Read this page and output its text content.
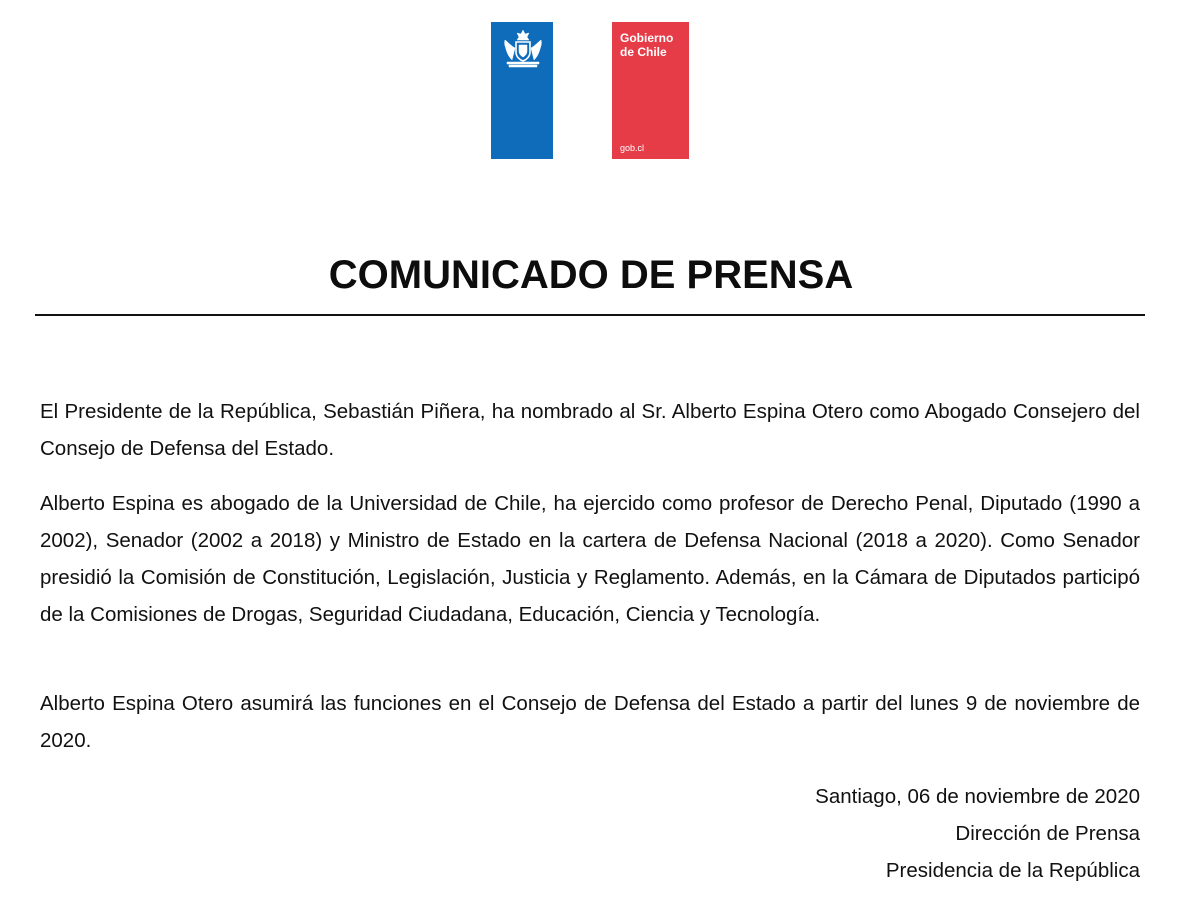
Gobierno
de Chile
gob.cl
COMUNICADO DE PRENSA
El Presidente de la República, Sebastián Piñera, ha nombrado al Sr. Alberto Espina Otero como Abogado Consejero del Consejo de Defensa del Estado.
Alberto Espina es abogado de la Universidad de Chile, ha ejercido como profesor de Derecho Penal, Diputado (1990 a 2002), Senador (2002 a 2018) y Ministro de Estado en la cartera de Defensa Nacional (2018 a 2020). Como Senador presidió la Comisión de Constitución, Legislación, Justicia y Reglamento. Además, en la Cámara de Diputados participó de la Comisiones de Drogas, Seguridad Ciudadana, Educación, Ciencia y Tecnología.
Alberto Espina Otero asumirá las funciones en el Consejo de Defensa del Estado a partir del lunes 9 de noviembre de 2020.
Santiago, 06 de noviembre de 2020
Dirección de Prensa
Presidencia de la República
